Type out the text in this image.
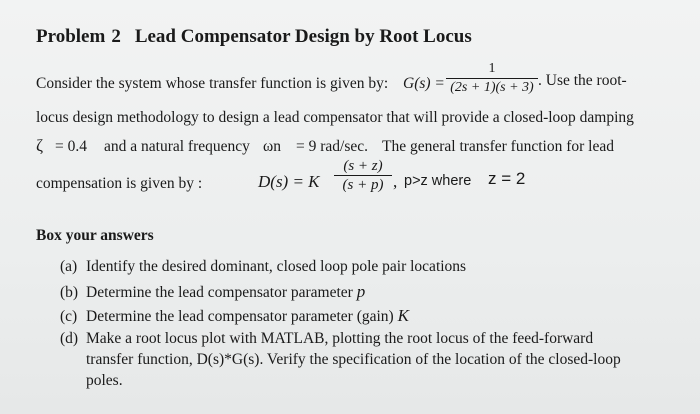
Problem 2 Lead Compensator Design by Root Locus
Consider the system whose transfer function is given by: G(s) =
1
(2s + 1)(s + 3) . Use the root-
locus design methodology to design a lead compensator that will provide a closed-loop damping
ζ = 0.4 and a natural frequency ωn = 9 rad/sec. The general transfer function for lead
compensation is given by :	D(s) = K
(s + z)
(s + p) , p>z where z = 2
Box your answers
(a) Identify the desired dominant, closed loop pole pair locations
(b) Determine the lead compensator parameter p
(c) Determine the lead compensator parameter (gain) K
(d) Make a root locus plot with MATLAB, plotting the root locus of the feed-forward
transfer function, D(s)*G(s). Verify the specification of the location of the closed-loop
poles.
